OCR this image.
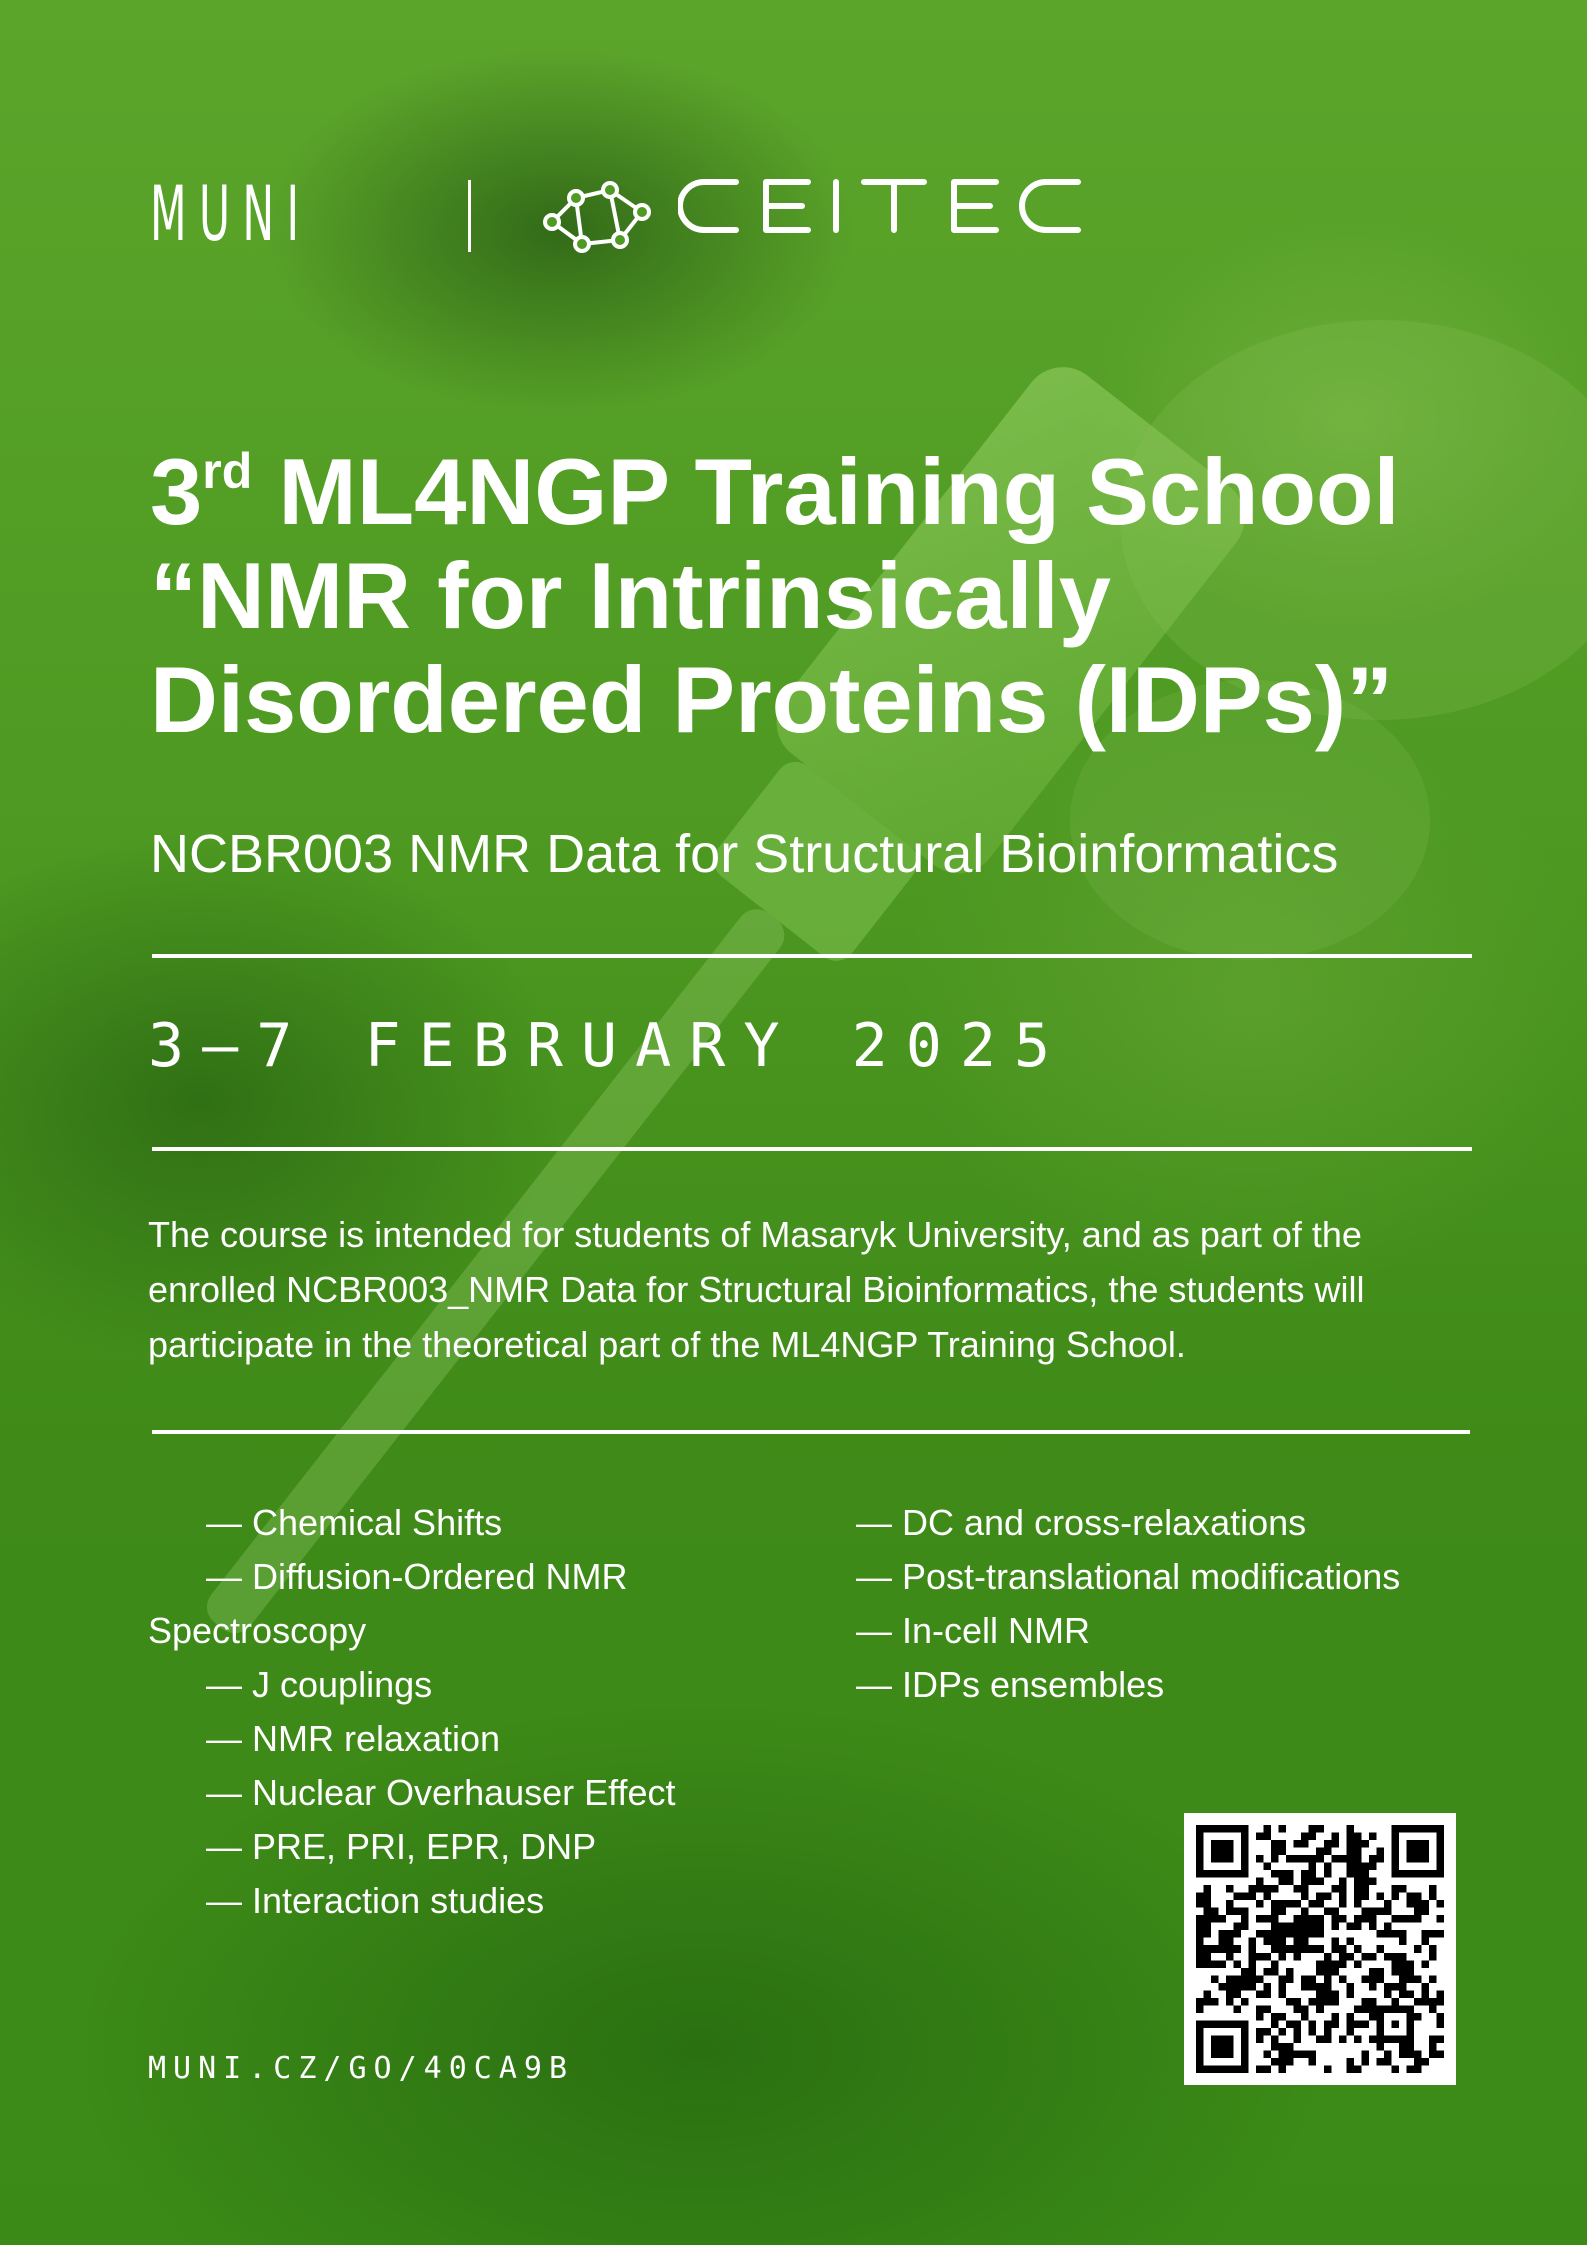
MUNI
3rd ML4NGP Training School
“NMR for Intrinsically
Disordered Proteins (IDPs)”
NCBR003 NMR Data for Structural Bioinformatics
3–7 FEBRUARY 2025
The course is intended for students of Masaryk University, and as part of the enrolled NCBR003_NMR Data for Structural Bioinformatics, the students will participate in the theoretical part of the ML4NGP Training School.
— Chemical Shifts
— Diffusion-Ordered NMR
Spectroscopy
— J couplings
— NMR relaxation
— Nuclear Overhauser Effect
— PRE, PRI, EPR, DNP
— Interaction studies
— DC and cross-relaxations
— Post-translational modifications
— In-cell NMR
— IDPs ensembles
MUNI.CZ/GO/40CA9B
